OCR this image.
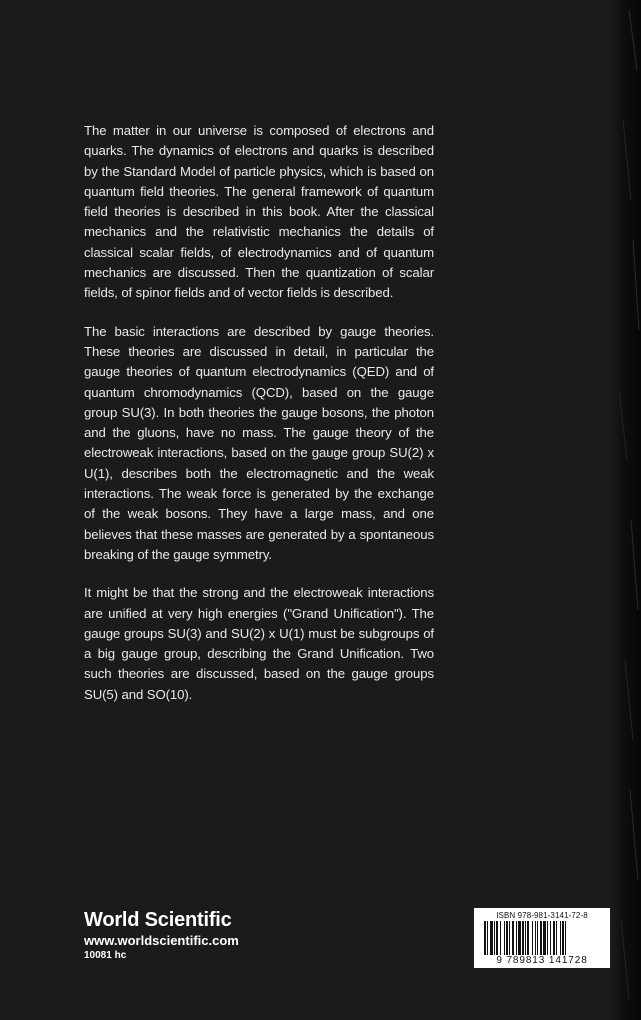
The matter in our universe is composed of electrons and quarks. The dynamics of electrons and quarks is described by the Standard Model of particle physics, which is based on quantum field theories. The general framework of quantum field theories is described in this book. After the classical mechanics and the relativistic mechanics the details of classical scalar fields, of electrodynamics and of quantum mechanics are discussed. Then the quantization of scalar fields, of spinor fields and of vector fields is described.

The basic interactions are described by gauge theories. These theories are discussed in detail, in particular the gauge theories of quantum electrodynamics (QED) and of quantum chromodynamics (QCD), based on the gauge group SU(3). In both theories the gauge bosons, the photon and the gluons, have no mass. The gauge theory of the electroweak interactions, based on the gauge group SU(2) x U(1), describes both the electromagnetic and the weak interactions. The weak force is generated by the exchange of the weak bosons. They have a large mass, and one believes that these masses are generated by a spontaneous breaking of the gauge symmetry.

It might be that the strong and the electroweak interactions are unified at very high energies ("Grand Unification"). The gauge groups SU(3) and SU(2) x U(1) must be subgroups of a big gauge group, describing the Grand Unification. Two such theories are discussed, based on the gauge groups SU(5) and SO(10).

World Scientific
www.worldscientific.com
10081 hc
ISBN 978-981-3141-72-8
9 789813 141728
